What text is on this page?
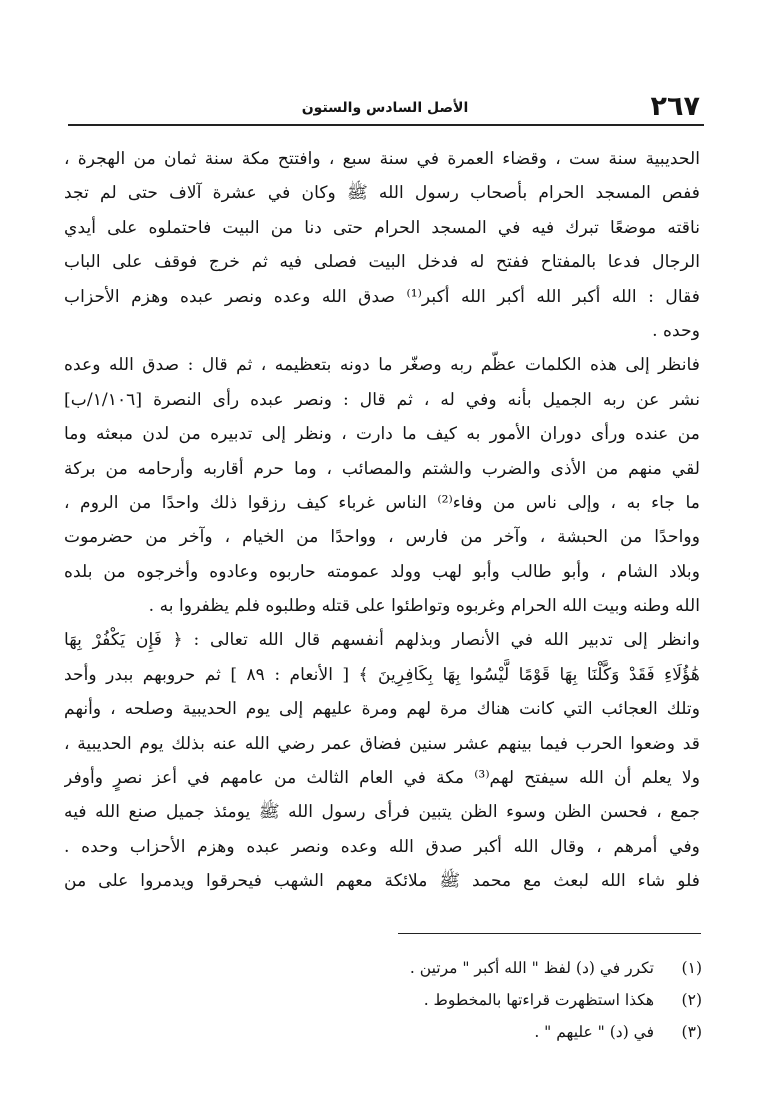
٢٦٧
الأصل السادس والستون
الحديبية سنة ست ، وقضاء العمرة في سنة سبع ، وافتتح مكة سنة ثمان من الهجرة ،
ففص المسجد الحرام بأصحاب رسول الله ﷺ وكان في عشرة آلاف حتى لم تجد
ناقته موضعًا تبرك فيه في المسجد الحرام حتى دنا من البيت فاحتملوه على أيدي
الرجال فدعا بالمفتاح ففتح له فدخل البيت فصلى فيه ثم خرج فوقف على الباب
فقال : الله أكبر الله أكبر الله أكبر⁽¹⁾ صدق الله وعده ونصر عبده وهزم الأحزاب
وحده .
فانظر إلى هذه الكلمات عظّم ربه وصغّر ما دونه بتعظيمه ، ثم قال : صدق الله وعده
نشر عن ربه الجميل بأنه وفي له ، ثم قال : ونصر عبده رأى النصرة [١/١٠٦/ب]
من عنده ورأى دوران الأمور به كيف ما دارت ، ونظر إلى تدبيره من لدن مبعثه وما
لقي منهم من الأذى والضرب والشتم والمصائب ، وما حرم أقاربه وأرحامه من بركة
ما جاء به ، وإلى ناس من وفاء⁽²⁾ الناس غرباء كيف رزقوا ذلك واحدًا من الروم ،
وواحدًا من الحبشة ، وآخر من فارس ، وواحدًا من الخيام ، وآخر من حضرموت
وبلاد الشام ، وأبو طالب وأبو لهب وولد عمومته حاربوه وعادوه وأخرجوه من بلده
الله وطنه وبيت الله الحرام وغربوه وتواطئوا على قتله وطلبوه فلم يظفروا به .
وانظر إلى تدبير الله في الأنصار وبذلهم أنفسهم قال الله تعالى : ﴿ فَإِن يَكْفُرْ بِهَا
هَٰؤُلَاءِ فَقَدْ وَكَّلْنَا بِهَا قَوْمًا لَّيْسُوا بِهَا بِكَافِرِينَ ﴾ [ الأنعام : ٨٩ ] ثم حروبهم ببدر وأحد
وتلك العجائب التي كانت هناك مرة لهم ومرة عليهم إلى يوم الحديبية وصلحه ، وأنهم
قد وضعوا الحرب فيما بينهم عشر سنين فضاق عمر رضي الله عنه بذلك يوم الحديبية ،
ولا يعلم أن الله سيفتح لهم⁽³⁾ مكة في العام الثالث من عامهم في أعز نصرٍ وأوفر
جمع ، فحسن الظن وسوء الظن يتبين فرأى رسول الله ﷺ يومئذ جميل صنع الله فيه
وفي أمرهم ، وقال الله أكبر صدق الله وعده ونصر عبده وهزم الأحزاب وحده .
فلو شاء الله لبعث مع محمد ﷺ ملائكة معهم الشهب فيحرقوا ويدمروا على من
(١)تكرر في (د) لفظ " الله أكبر " مرتين .
(٢)هكذا استظهرت قراءتها بالمخطوط .
(٣)في (د) " عليهم " .
